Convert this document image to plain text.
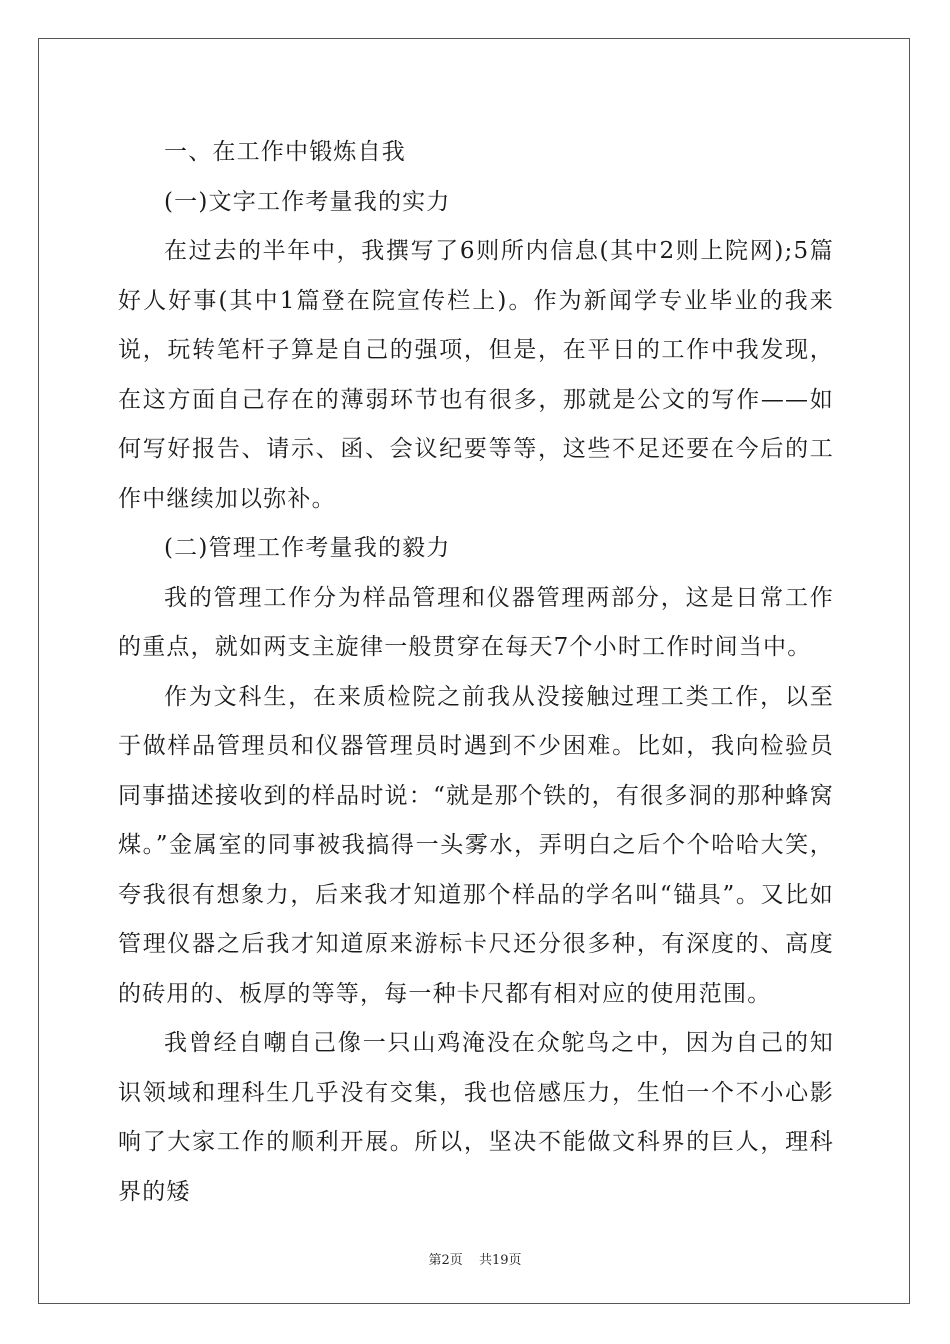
一、在工作中锻炼自我

(一)文字工作考量我的实力

在过去的半年中，我撰写了6则所内信息(其中2则上院网);5篇好人好事(其中1篇登在院宣传栏上)。作为新闻学专业毕业的我来说，玩转笔杆子算是自己的强项，但是，在平日的工作中我发现，在这方面自己存在的薄弱环节也有很多，那就是公文的写作——如何写好报告、请示、函、会议纪要等等，这些不足还要在今后的工作中继续加以弥补。

(二)管理工作考量我的毅力

我的管理工作分为样品管理和仪器管理两部分，这是日常工作的重点，就如两支主旋律一般贯穿在每天7个小时工作时间当中。

作为文科生，在来质检院之前我从没接触过理工类工作，以至于做样品管理员和仪器管理员时遇到不少困难。比如，我向检验员同事描述接收到的样品时说：“就是那个铁的，有很多洞的那种蜂窝煤。”金属室的同事被我搞得一头雾水，弄明白之后个个哈哈大笑，夸我很有想象力，后来我才知道那个样品的学名叫“锚具”。又比如管理仪器之后我才知道原来游标卡尺还分很多种，有深度的、高度的砖用的、板厚的等等，每一种卡尺都有相对应的使用范围。

我曾经自嘲自己像一只山鸡淹没在众鸵鸟之中，因为自己的知识领域和理科生几乎没有交集，我也倍感压力，生怕一个不小心影响了大家工作的顺利开展。所以，坚决不能做文科界的巨人，理科界的矮

第2页 共19页
